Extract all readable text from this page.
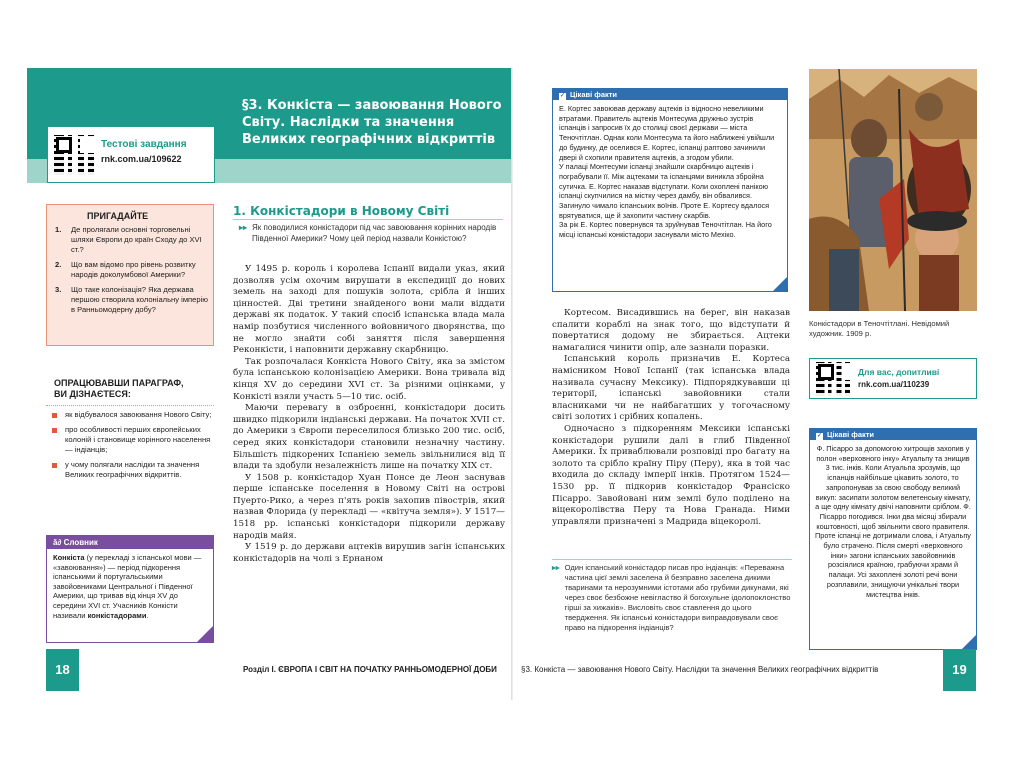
§3. Конкіста — завоювання Нового Світу. Наслідки та значення Великих географічних відкриттів
Тестові завдання
rnk.com.ua/109622
ПРИГАДАЙТЕ
1.	Де пролягали основні торговельні шляхи Європи до країн Сходу до XVI ст.?
2.	Що вам відомо про рівень розвитку народів доколумбової Америки?
3.	Що таке колонізація? Яка держава першою створила колоніальну імперію в Ранньомодерну добу?
ОПРАЦЮВАВШИ ПАРАГРАФ, ВИ ДІЗНАЄТЕСЯ:
як відбувалося завоювання Нового Світу;
про особливості перших європейських колоній і становище корінного населення — індіанців;
у чому полягали наслідки та значення Великих географічних відкриттів.
ǎ∂ Словник
Конкіста (у перекладі з іспанської мови — «завоювання») — період підкорення іспанськими й португальськими завойовниками Центральної і Південної Америки, що тривав від кінця XV до середини XVI ст. Учасників Конкісти називали конкістадорами.
1. Конкістадори в Новому Світі
▸▸ Як поводилися конкістадори під час завоювання корінних народів Південної Америки? Чому цей період назвали Конкістою?

У 1495 р. король і королева Іспанії видали указ, який дозволяв усім охочим вирушати в експедиції до нових земель на заході для пошуків золота, срібла й інших цінностей. Дві третини знайденого вони мали віддати державі як податок. У такий спосіб іспанська влада мала намір позбутися численного войовничого дворянства, що не могло знайти собі заняття після завершення Реконкісти, і наповнити державну скарбницю.

Так розпочалася Конкіста Нового Світу, яка за змістом була іспанською колонізацією Америки. Вона тривала від кінця XV до середини XVI ст. За різними оцінками, у Конкісті взяли участь 5—10 тис. осіб.

Маючи перевагу в озброєнні, конкістадори досить швидко підкорили індіанські держави. На початок XVII ст. до Америки з Європи переселилося близько 200 тис. осіб, серед яких конкістадори становили незначну частину. Більшість підкорених Іспанією земель звільнилися від її влади та здобули незалежність лише на початку XIX ст.

У 1508 р. конкістадор Хуан Понсе де Леон заснував перше іспанське поселення в Новому Світі на острові Пуерто-Рико, а через п'ять років захопив півострів, який назвав Флорида (у перекладі — «квітуча земля»). У 1517—1518 рр. іспанські конкістадори підкорили державу народів майя.

У 1519 р. до держави ацтеків вирушив загін іспанських конкістадорів на чолі з Ернаном

18	Розділ І. ЄВРОПА І СВІТ НА ПОЧАТКУ РАННЬОМОДЕРНОЇ ДОБИ
✓ Цікаві факти
Е. Кортес завоював державу ацтеків із відносно невеликими втратами. Правитель ацтеків Монтесума дружньо зустрів іспанців і запросив їх до столиці своєї держави — міста Теночтітлан. Однак коли Монтесума та його наближені увійшли до будинку, де оселився Е. Кортес, іспанці раптово зачинили двері й схопили правителя ацтеків, а згодом убили.
У палаці Монтесуми іспанці знайшли скарбницю ацтеків і пограбували її. Між ацтеками та іспанцями виникла збройна сутичка. Е. Кортес наказав відступати. Коли охоплені панікою іспанці скупчилися на містку через дамбу, він обвалився. Загинуло чимало іспанських воїнів. Проте Е. Кортесу вдалося врятуватися, ще й захопити частину скарбів.
За рік Е. Кортес повернувся та зруйнував Теночтітлан. На його місці іспанські конкістадори заснували місто Мехіко.

Кортесом. Висадившись на берег, він наказав спалити кораблі на знак того, що відступати й повертатися додому не збирається. Ацтеки намагалися чинити опір, але зазнали поразки.

Іспанський король призначив Е. Кортеса намісником Нової Іспанії (так іспанська влада називала сучасну Мексику). Підпорядкувавши ці території, іспанські завойовники стали власниками чи не найбагатших у тогочасному світі золотих і срібних копалень.

Одночасно з підкоренням Мексики іспанські конкістадори рушили далі в глиб Південної Америки. Їх приваблювали розповіді про багату на золото та срібло країну Піру (Перу), яка в той час входила до складу імперії інків. Протягом 1524—1530 рр. її підкорив конкістадор Франсіско Пісарро. Завойовані ним землі було поділено на віцекоролівства Перу та Нова Гранада. Ними управляли призначені з Мадрида віцекоролі.

▸▸ Один іспанський конкістадор писав про індіанців: «Переважна частина цієї землі заселена й безправно заселена дикими тваринами та нерозумними істотами або грубими дикунами, які через своє безбожне невігластво й богохульне ідолопоклонство гірші за хижаків». Висловіть своє ставлення до цього твердження. Як іспанські конкістадори виправдовували своє право на підкорення індіанців?
Конкістадори в Теночтітлані. Невідомий художник. 1909 р.
Для вас, допитливі
rnk.com.ua/110239
✓ Цікаві факти
Ф. Пісарро за допомогою хитрощів захопив у полон «верховного інку» Атуальпу та знищив 3 тис. інків. Коли Атуальпа зрозумів, що іспанців найбільше цікавить золото, то запропонував за свою свободу великий викуп: засипати золотом велетенську кімнату, а ще одну кімнату двічі наповнити сріблом. Ф. Пісарро погодився. Інки два місяці збирали коштовності, щоб звільнити свого правителя. Проте іспанці не дотримали слова, і Атуальпу було страчено. Після смерті «верховного інки» загони іспанських завойовників розсіялися країною, грабуючи храми й палаци. Усі захоплені золоті речі вони розплавили, знищуючи унікальні твори мистецтва інків.
§3. Конкіста — завоювання Нового Світу. Наслідки та значення Великих географічних відкриттів	19
